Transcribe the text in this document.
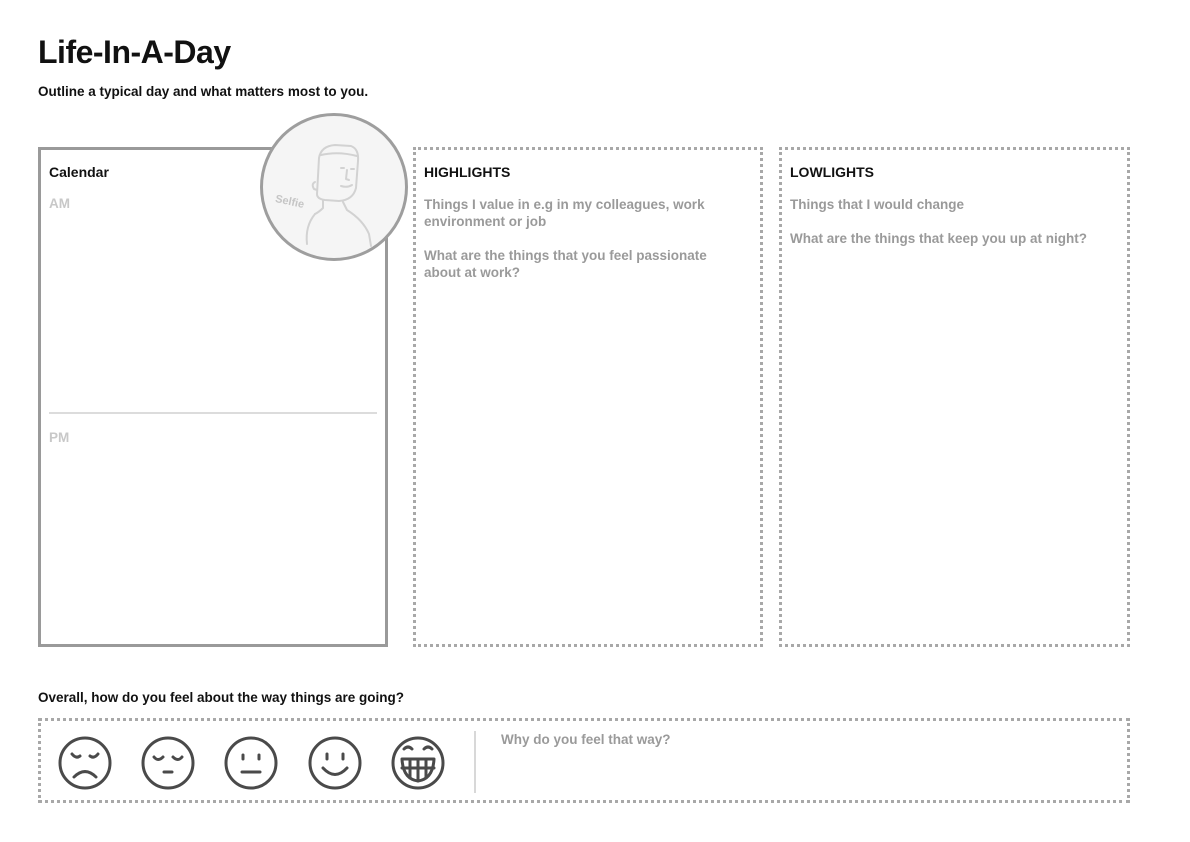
Life-In-A-Day

Outline a typical day and what matters most to you.

Calendar
AM
PM
Selfie
HIGHLIGHTS
Things I value in e.g in my colleagues, work environment or job
What are the things that you feel passionate about at work?
LOWLIGHTS
Things that I would change
What are the things that keep you up at night?
Overall, how do you feel about the way things are going?
Why do you feel that way?
